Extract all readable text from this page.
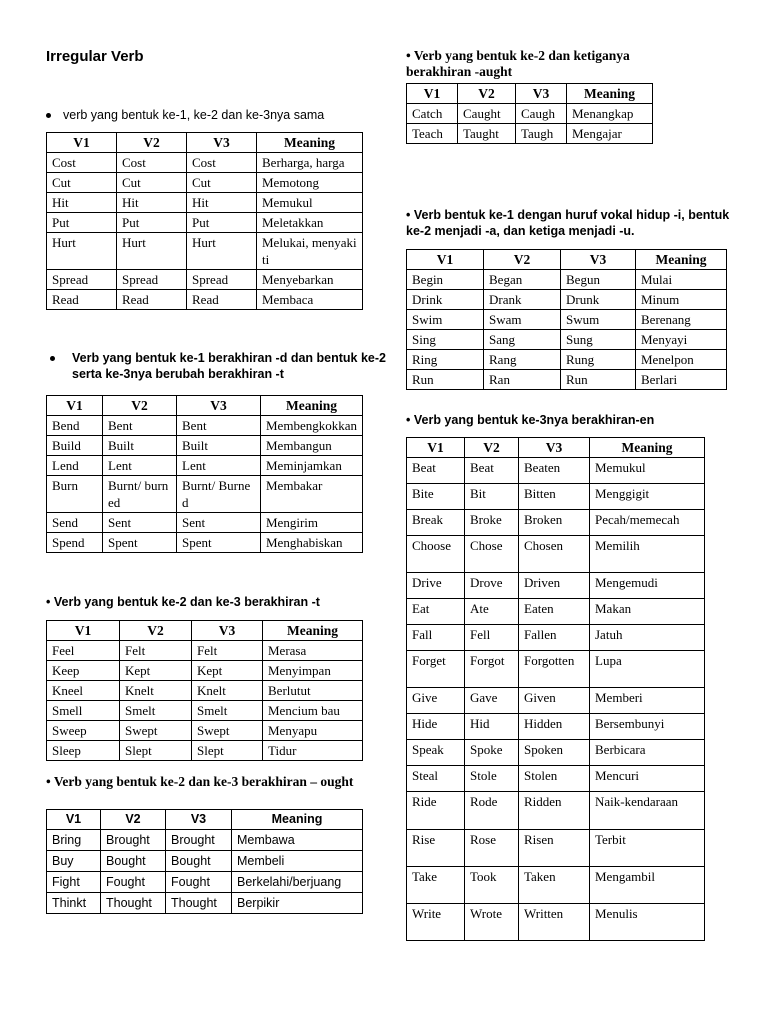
Irregular Verb
verb yang bentuk ke-1, ke-2 dan ke-3nya sama
V1	V2	V3	Meaning
Cost	Cost	Cost	Berharga, harga
Cut	Cut	Cut	Memotong
Hit	Hit	Hit	Memukul
Put	Put	Put	Meletakkan
Hurt	Hurt	Hurt	Melukai, menyakiti
Spread	Spread	Spread	Menyebarkan
Read	Read	Read	Membaca
Verb yang bentuk ke-1 berakhiran -d dan bentuk ke-2 serta ke-3nya berubah berakhiran -t
V1	V2	V3	Meaning
Bend	Bent	Bent	Membengkokkan
Build	Built	Built	Membangun
Lend	Lent	Lent	Meminjamkan
Burn	Burnt/ burned	Burnt/ Burned	Membakar
Send	Sent	Sent	Mengirim
Spend	Spent	Spent	Menghabiskan
• Verb yang bentuk ke-2 dan ke-3 berakhiran -t
V1	V2	V3	Meaning
Feel	Felt	Felt	Merasa
Keep	Kept	Kept	Menyimpan
Kneel	Knelt	Knelt	Berlutut
Smell	Smelt	Smelt	Mencium bau
Sweep	Swept	Swept	Menyapu
Sleep	Slept	Slept	Tidur
• Verb yang bentuk ke-2 dan ke-3 berakhiran – ought
V1	V2	V3	Meaning
Bring	Brought	Brought	Membawa
Buy	Bought	Bought	Membeli
Fight	Fought	Fought	Berkelahi/berjuang
Thinkt	Thought	Thought	Berpikir
• Verb yang bentuk ke-2 dan ketiganya berakhiran -aught
V1	V2	V3	Meaning
Catch	Caught	Caugh	Menangkap
Teach	Taught	Taugh	Mengajar
• Verb bentuk ke-1 dengan huruf vokal hidup -i, bentuk ke-2 menjadi -a, dan ketiga menjadi -u.
V1	V2	V3	Meaning
Begin	Began	Begun	Mulai
Drink	Drank	Drunk	Minum
Swim	Swam	Swum	Berenang
Sing	Sang	Sung	Menyayi
Ring	Rang	Rung	Menelpon
Run	Ran	Run	Berlari
• Verb yang bentuk ke-3nya berakhiran-en
V1	V2	V3	Meaning
Beat	Beat	Beaten	Memukul
Bite	Bit	Bitten	Menggigit
Break	Broke	Broken	Pecah/memecah
Choose	Chose	Chosen	Memilih
Drive	Drove	Driven	Mengemudi
Eat	Ate	Eaten	Makan
Fall	Fell	Fallen	Jatuh
Forget	Forgot	Forgotten	Lupa
Give	Gave	Given	Memberi
Hide	Hid	Hidden	Bersembunyi
Speak	Spoke	Spoken	Berbicara
Steal	Stole	Stolen	Mencuri
Ride	Rode	Ridden	Naik-kendaraan
Rise	Rose	Risen	Terbit
Take	Took	Taken	Mengambil
Write	Wrote	Written	Menulis
